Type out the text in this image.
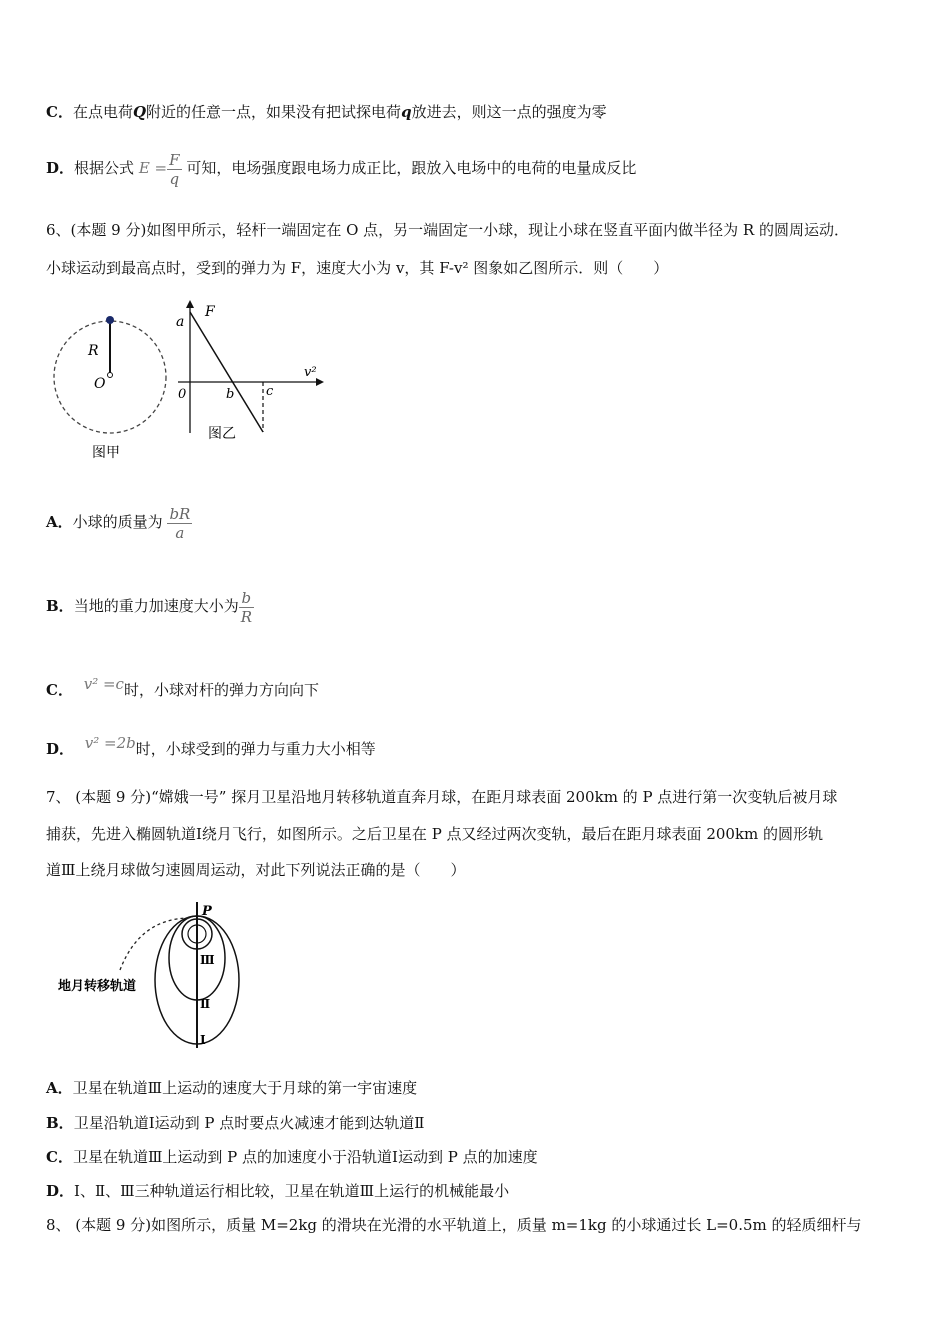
C．在点电荷Q附近的任意一点，如果没有把试探电荷q放进去，则这一点的强度为零
D．根据公式 $E = \frac{F}{q}$ 可知，电场强度跟电场力成正比，跟放入电场中的电荷的电量成反比
6、(本题 9 分)如图甲所示，轻杆一端固定在 O 点，另一端固定一小球，现让小球在竖直平面内做半径为 R 的圆周运动．
小球运动到最高点时，受到的弹力为 F，速度大小为 v，其 F-v² 图象如乙图所示．则（　　）
R
O
图甲
a
F
v²
0	b c
图乙
A．小球的质量为 $\frac{bR}{a}$
B．当地的重力加速度大小为 $\frac{b}{R}$
C． v² =c时，小球对杆的弹力方向向下
D． v² =2b时，小球受到的弹力与重力大小相等
7、 (本题 9 分)“嫦娥一号” 探月卫星沿地月转移轨道直奔月球，在距月球表面 200km 的 P 点进行第一次变轨后被月球
捕获，先进入椭圆轨道Ⅰ绕月飞行，如图所示。之后卫星在 P 点又经过两次变轨，最后在距月球表面 200km 的圆形轨
道Ⅲ上绕月球做匀速圆周运动，对此下列说法正确的是（　　）
P
Ⅲ
Ⅱ
Ⅰ
地月转移轨道
A．卫星在轨道Ⅲ上运动的速度大于月球的第一宇宙速度
B．卫星沿轨道Ⅰ运动到 P 点时要点火减速才能到达轨道Ⅱ
C．卫星在轨道Ⅲ上运动到 P 点的加速度小于沿轨道Ⅰ运动到 P 点的加速度
D．Ⅰ、Ⅱ、Ⅲ三种轨道运行相比较，卫星在轨道Ⅲ上运行的机械能最小
8、 (本题 9 分)如图所示，质量 M=2kg 的滑块在光滑的水平轨道上，质量 m=1kg 的小球通过长 L=0.5m 的轻质细杆与
